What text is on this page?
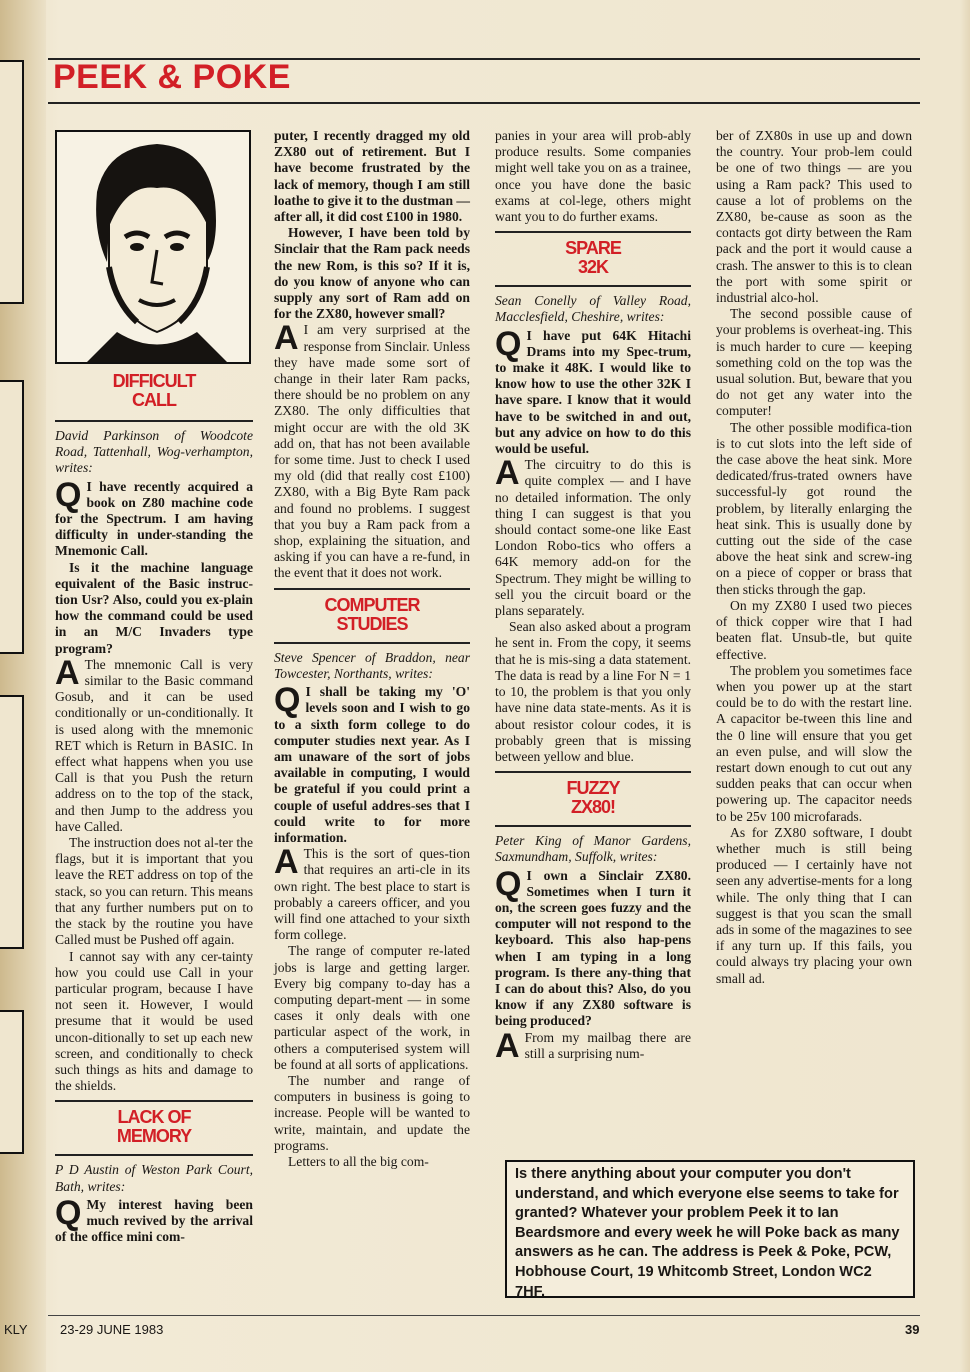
PEEK & POKE
DIFFICULT CALL

David Parkinson of Woodcote Road, Tattenhall, Wog-verhampton, writes:

Q I have recently acquired a book on Z80 machine code for the Spectrum. I am having difficulty in under-standing the Mnemonic Call.

Is it the machine language equivalent of the Basic instruc-tion Usr? Also, could you ex-plain how the command could be used in an M/C Invaders type program?

A The mnemonic Call is very similar to the Basic command Gosub, and it can be used conditionally or un-conditionally. It is used along with the mnemonic RET which is Return in BASIC. In effect what happens when you use Call is that you Push the return address on to the top of the stack, and then Jump to the address you have Called.

The instruction does not al-ter the flags, but it is important that you leave the RET address on top of the stack, so you can return. This means that any further numbers put on to the stack by the routine you have Called must be Pushed off again.

I cannot say with any cer-tainty how you could use Call in your particular program, because I have not seen it. However, I would presume that it would be used uncon-ditionally to set up each new screen, and conditionally to check such things as hits and damage to the shields.

LACK OF MEMORY

P D Austin of Weston Park Court, Bath, writes:

Q My interest having been much revived by the arrival of the office mini com-

puter, I recently dragged my old ZX80 out of retirement. But I have become frustrated by the lack of memory, though I am still loathe to give it to the dustman — after all, it did cost £100 in 1980.

However, I have been told by Sinclair that the Ram pack needs the new Rom, is this so? If it is, do you know of anyone who can supply any sort of Ram add on for the ZX80, however small?

A I am very surprised at the response from Sinclair. Unless they have made some sort of change in their later Ram packs, there should be no problem on any ZX80. The only difficulties that might occur are with the old 3K add on, that has not been available for some time. Just to check I used my old (did that really cost £100) ZX80, with a Big Byte Ram pack and found no problems. I suggest that you buy a Ram pack from a shop, explaining the situation, and asking if you can have a re-fund, in the event that it does not work.

COMPUTER STUDIES

Steve Spencer of Braddon, near Towcester, Northants, writes:

Q I shall be taking my 'O' levels soon and I wish to go to a sixth form college to do computer studies next year. As I am unaware of the sort of jobs available in computing, I would be grateful if you could print a couple of useful addres-ses that I could write to for more information.

A This is the sort of ques-tion that requires an arti-cle in its own right. The best place to start is probably a careers officer, and you will find one attached to your sixth form college.

The range of computer re-lated jobs is large and getting larger. Every big company to-day has a computing depart-ment — in some cases it only deals with one particular aspect of the work, in others a computerised system will be found at all sorts of applications.

The number and range of computers in business is going to increase. People will be wanted to write, maintain, and update the programs.

Letters to all the big com-

panies in your area will prob-ably produce results. Some companies might well take you on as a trainee, once you have done the basic exams at col-lege, others might want you to do further exams.

SPARE 32K

Sean Conelly of Valley Road, Macclesfield, Cheshire, writes:

Q I have put 64K Hitachi Drams into my Spec-trum, to make it 48K. I would like to know how to use the other 32K I have spare. I know that it would have to be switched in and out, but any advice on how to do this would be useful.

A The circuitry to do this is quite complex — and I have no detailed information. The only thing I can suggest is that you should contact some-one like East London Robo-tics who offers a 64K memory add-on for the Spectrum. They might be willing to sell you the circuit board or the plans separately.

Sean also asked about a program he sent in. From the copy, it seems that he is mis-sing a data statement. The data is read by a line For N = 1 to 10, the problem is that you only have nine data state-ments. As it is about resistor colour codes, it is probably green that is missing between yellow and blue.

FUZZY ZX80!

Peter King of Manor Gardens, Saxmundham, Suffolk, writes:

Q I own a Sinclair ZX80. Sometimes when I turn it on, the screen goes fuzzy and the computer will not respond to the keyboard. This also hap-pens when I am typing in a long program. Is there any-thing that I can do about this? Also, do you know if any ZX80 software is being produced?

A From my mailbag there are still a surprising num-

ber of ZX80s in use up and down the country. Your prob-lem could be one of two things — are you using a Ram pack? This used to cause a lot of problems on the ZX80, be-cause as soon as the contacts got dirty between the Ram pack and the port it would cause a crash. The answer to this is to clean the port with some spirit or industrial alco-hol.

The second possible cause of your problems is overheat-ing. This is much harder to cure — keeping something cold on the top was the usual solution. But, beware that you do not get any water into the computer!

The other possible modifica-tion is to cut slots into the left side of the case above the heat sink. More dedicated/frus-trated owners have successful-ly got round the problem, by literally enlarging the heat sink. This is usually done by cutting out the side of the case above the heat sink and screw-ing on a piece of copper or brass that then sticks through the gap.

On my ZX80 I used two pieces of thick copper wire that I had beaten flat. Unsub-tle, but quite effective.

The problem you sometimes face when you power up at the start could be to do with the restart line. A capacitor be-tween this line and the 0 line will ensure that you get an even pulse, and will slow the restart down enough to cut out any sudden peaks that can occur when powering up. The capacitor needs to be 25v 100 microfarads.

As for ZX80 software, I doubt whether much is still being produced — I certainly have not seen any advertise-ments for a long while. The only thing that I can suggest is that you scan the small ads in some of the magazines to see if any turn up. If this fails, you could always try placing your own small ad.

Is there anything about your computer you don't understand, and which everyone else seems to take for granted? Whatever your problem Peek it to Ian Beardsmore and every week he will Poke back as many answers as he can. The address is Peek & Poke, PCW, Hobhouse Court, 19 Whitcomb Street, London WC2 7HF.
KLY 23-29 JUNE 1983	39
